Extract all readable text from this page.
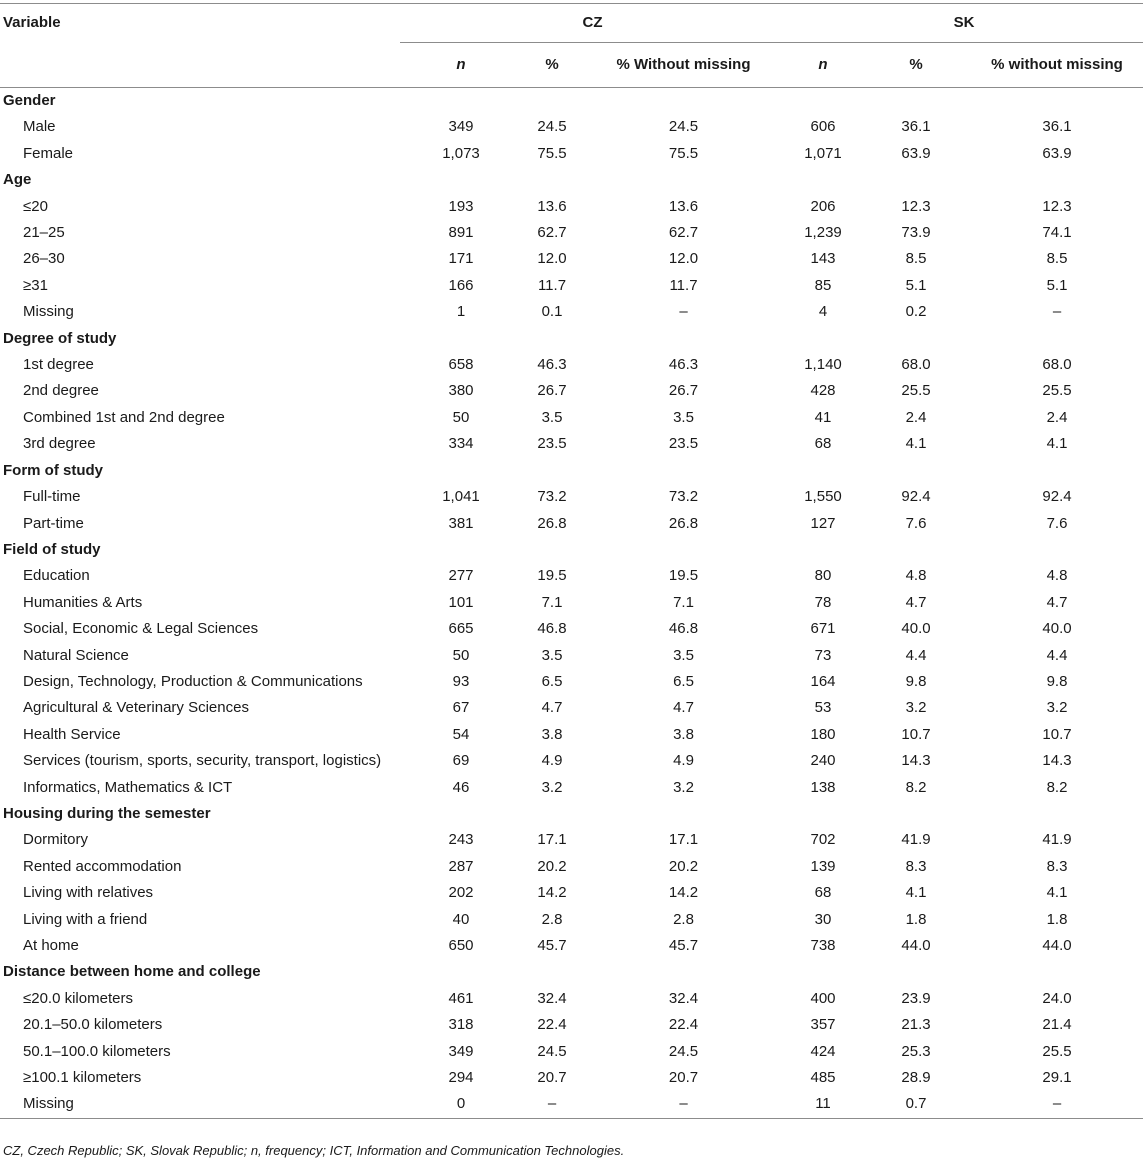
Variable	CZ			SK		
	n	%	% Without missing	n	%	% without missing
Gender						
Male	349	24.5	24.5	606	36.1	36.1
Female	1,073	75.5	75.5	1,071	63.9	63.9
Age						
≤20	193	13.6	13.6	206	12.3	12.3
21–25	891	62.7	62.7	1,239	73.9	74.1
26–30	171	12.0	12.0	143	8.5	8.5
≥31	166	11.7	11.7	85	5.1	5.1
Missing	1	0.1	–	4	0.2	–
Degree of study						
1st degree	658	46.3	46.3	1,140	68.0	68.0
2nd degree	380	26.7	26.7	428	25.5	25.5
Combined 1st and 2nd degree	50	3.5	3.5	41	2.4	2.4
3rd degree	334	23.5	23.5	68	4.1	4.1
Form of study						
Full-time	1,041	73.2	73.2	1,550	92.4	92.4
Part-time	381	26.8	26.8	127	7.6	7.6
Field of study						
Education	277	19.5	19.5	80	4.8	4.8
Humanities & Arts	101	7.1	7.1	78	4.7	4.7
Social, Economic & Legal Sciences	665	46.8	46.8	671	40.0	40.0
Natural Science	50	3.5	3.5	73	4.4	4.4
Design, Technology, Production & Communications	93	6.5	6.5	164	9.8	9.8
Agricultural & Veterinary Sciences	67	4.7	4.7	53	3.2	3.2
Health Service	54	3.8	3.8	180	10.7	10.7
Services (tourism, sports, security, transport, logistics)	69	4.9	4.9	240	14.3	14.3
Informatics, Mathematics & ICT	46	3.2	3.2	138	8.2	8.2
Housing during the semester						
Dormitory	243	17.1	17.1	702	41.9	41.9
Rented accommodation	287	20.2	20.2	139	8.3	8.3
Living with relatives	202	14.2	14.2	68	4.1	4.1
Living with a friend	40	2.8	2.8	30	1.8	1.8
At home	650	45.7	45.7	738	44.0	44.0
Distance between home and college						
≤20.0 kilometers	461	32.4	32.4	400	23.9	24.0
20.1–50.0 kilometers	318	22.4	22.4	357	21.3	21.4
50.1–100.0 kilometers	349	24.5	24.5	424	25.3	25.5
≥100.1 kilometers	294	20.7	20.7	485	28.9	29.1
Missing	0	–	–	11	0.7	–
CZ, Czech Republic; SK, Slovak Republic; n, frequency; ICT, Information and Communication Technologies.
